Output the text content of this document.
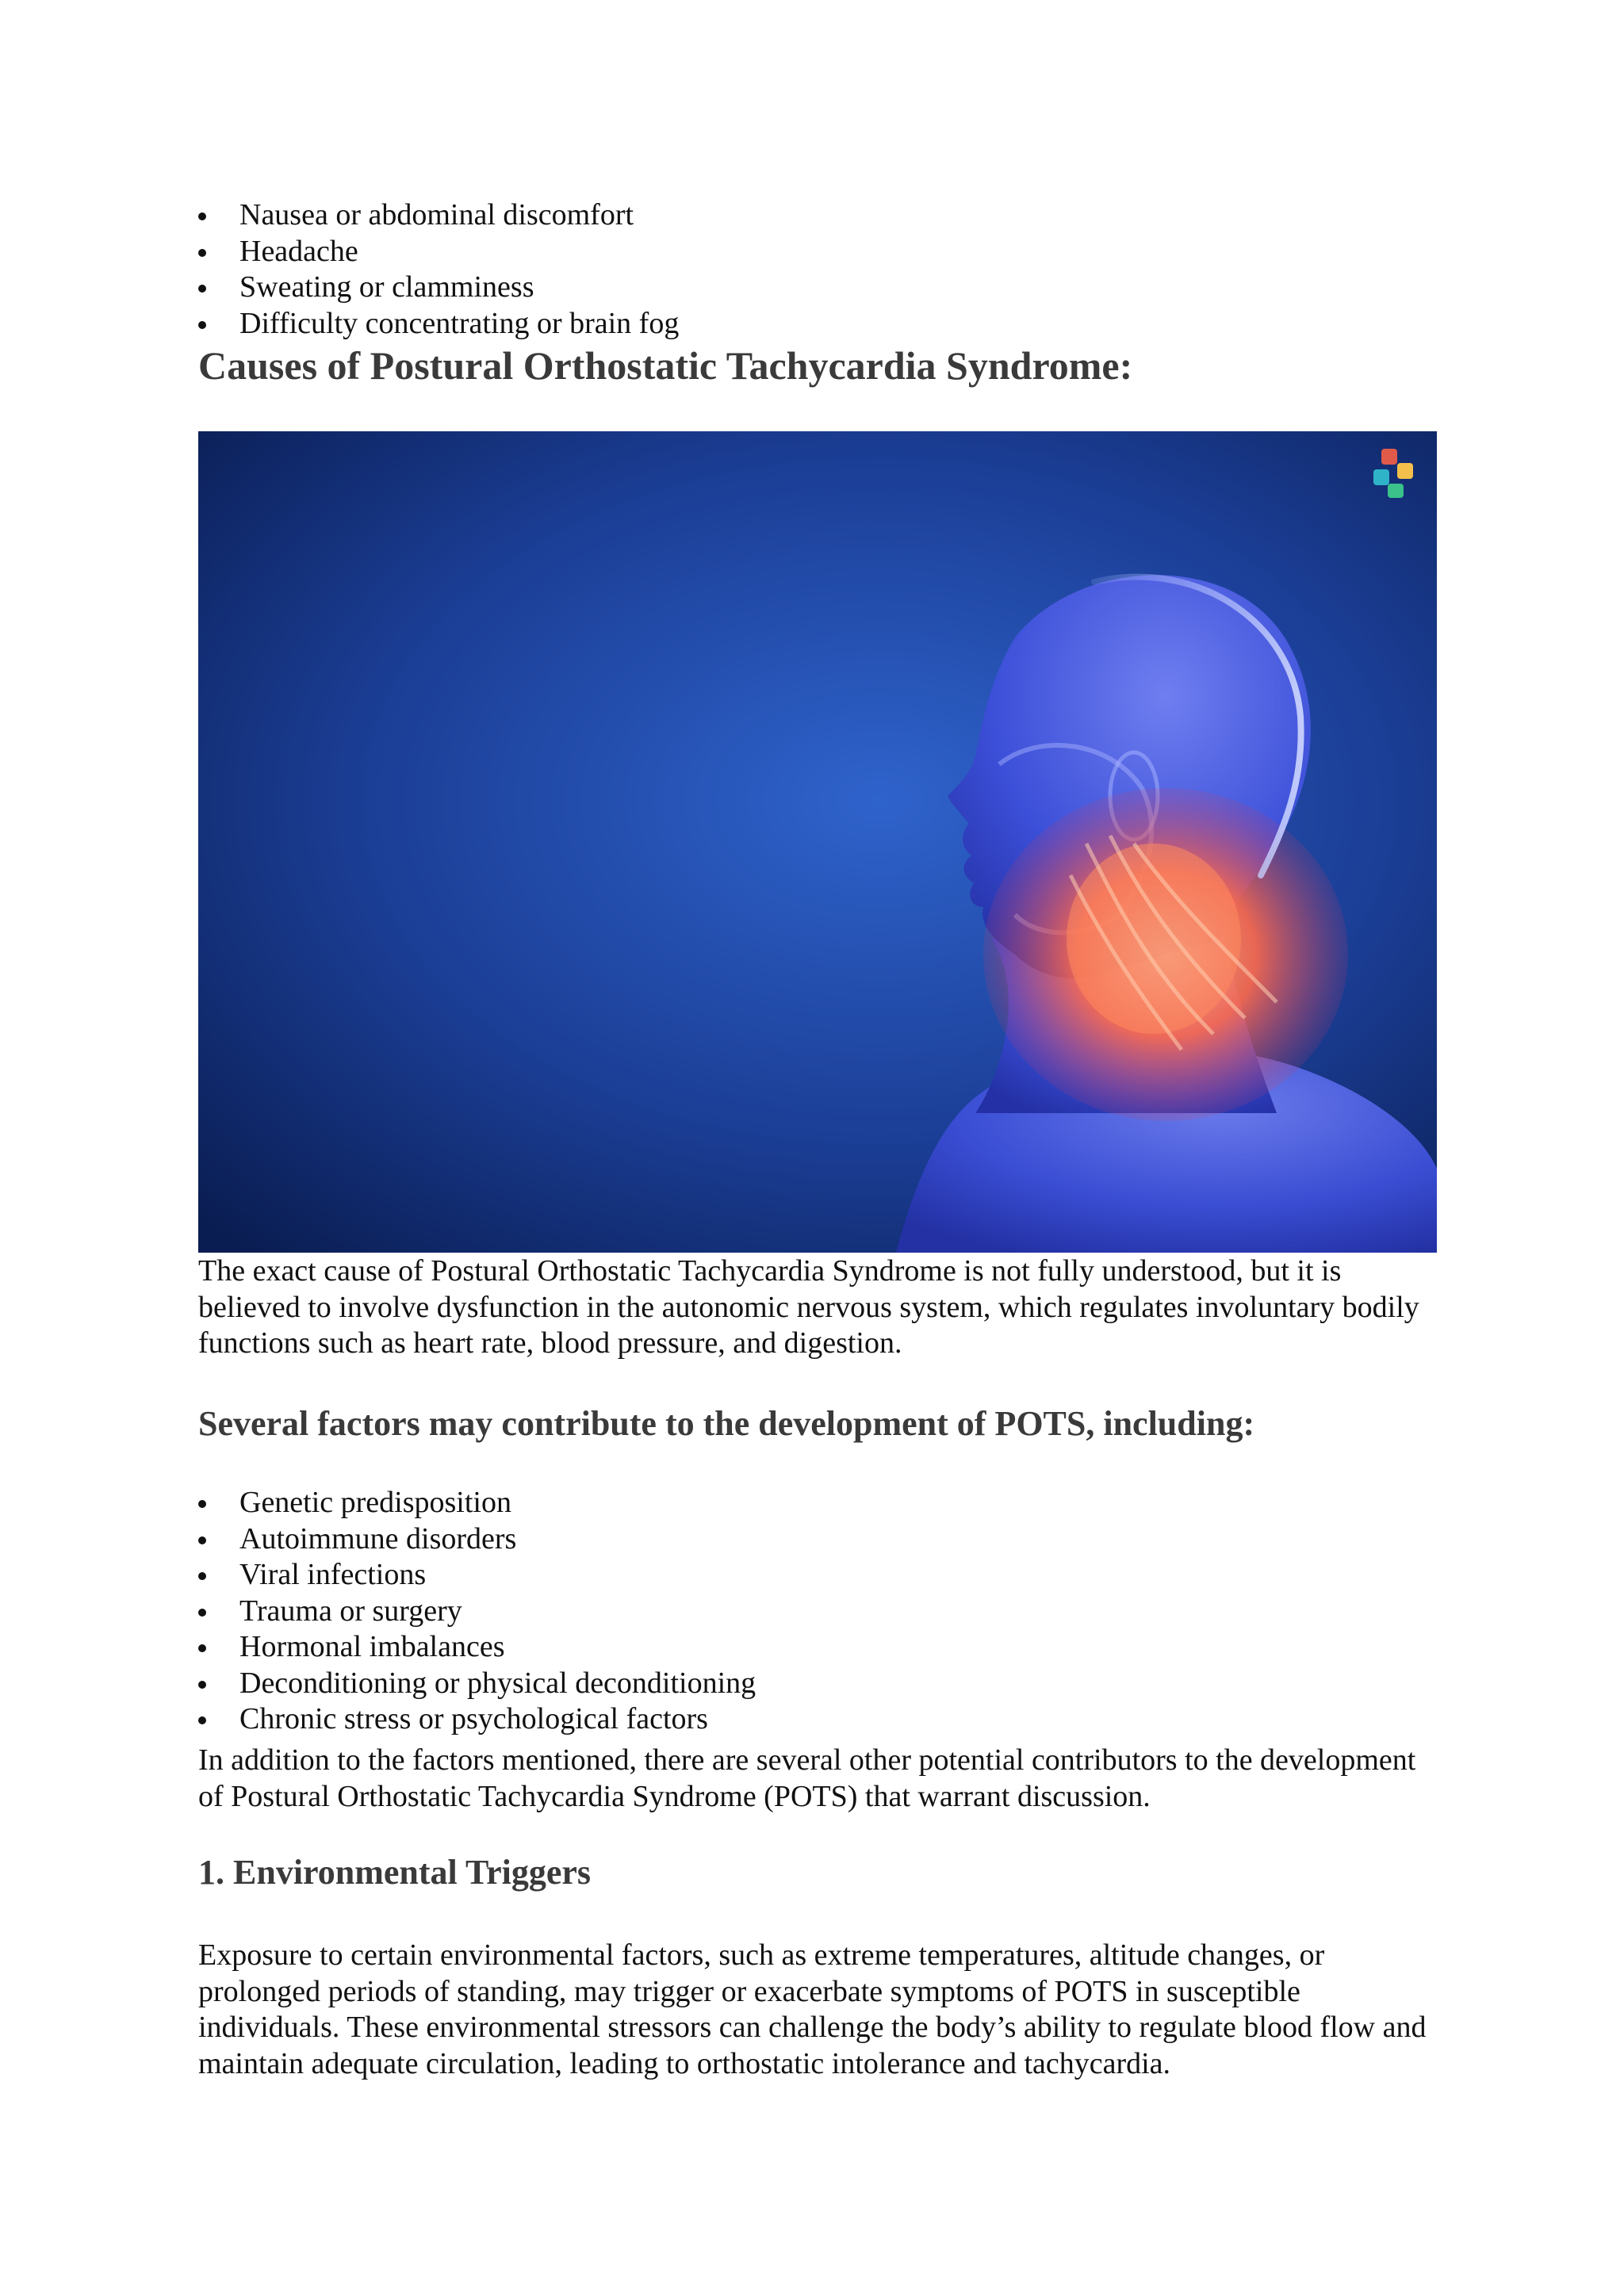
Nausea or abdominal discomfort
Headache
Sweating or clamminess
Difficulty concentrating or brain fog
Causes of Postural Orthostatic Tachycardia Syndrome:

The exact cause of Postural Orthostatic Tachycardia Syndrome is not fully understood, but it is believed to involve dysfunction in the autonomic nervous system, which regulates involuntary bodily functions such as heart rate, blood pressure, and digestion.

Several factors may contribute to the development of POTS, including:
Genetic predisposition
Autoimmune disorders
Viral infections
Trauma or surgery
Hormonal imbalances
Deconditioning or physical deconditioning
Chronic stress or psychological factors

In addition to the factors mentioned, there are several other potential contributors to the development of Postural Orthostatic Tachycardia Syndrome (POTS) that warrant discussion.

1. Environmental Triggers

Exposure to certain environmental factors, such as extreme temperatures, altitude changes, or prolonged periods of standing, may trigger or exacerbate symptoms of POTS in susceptible individuals. These environmental stressors can challenge the body’s ability to regulate blood flow and maintain adequate circulation, leading to orthostatic intolerance and tachycardia.
